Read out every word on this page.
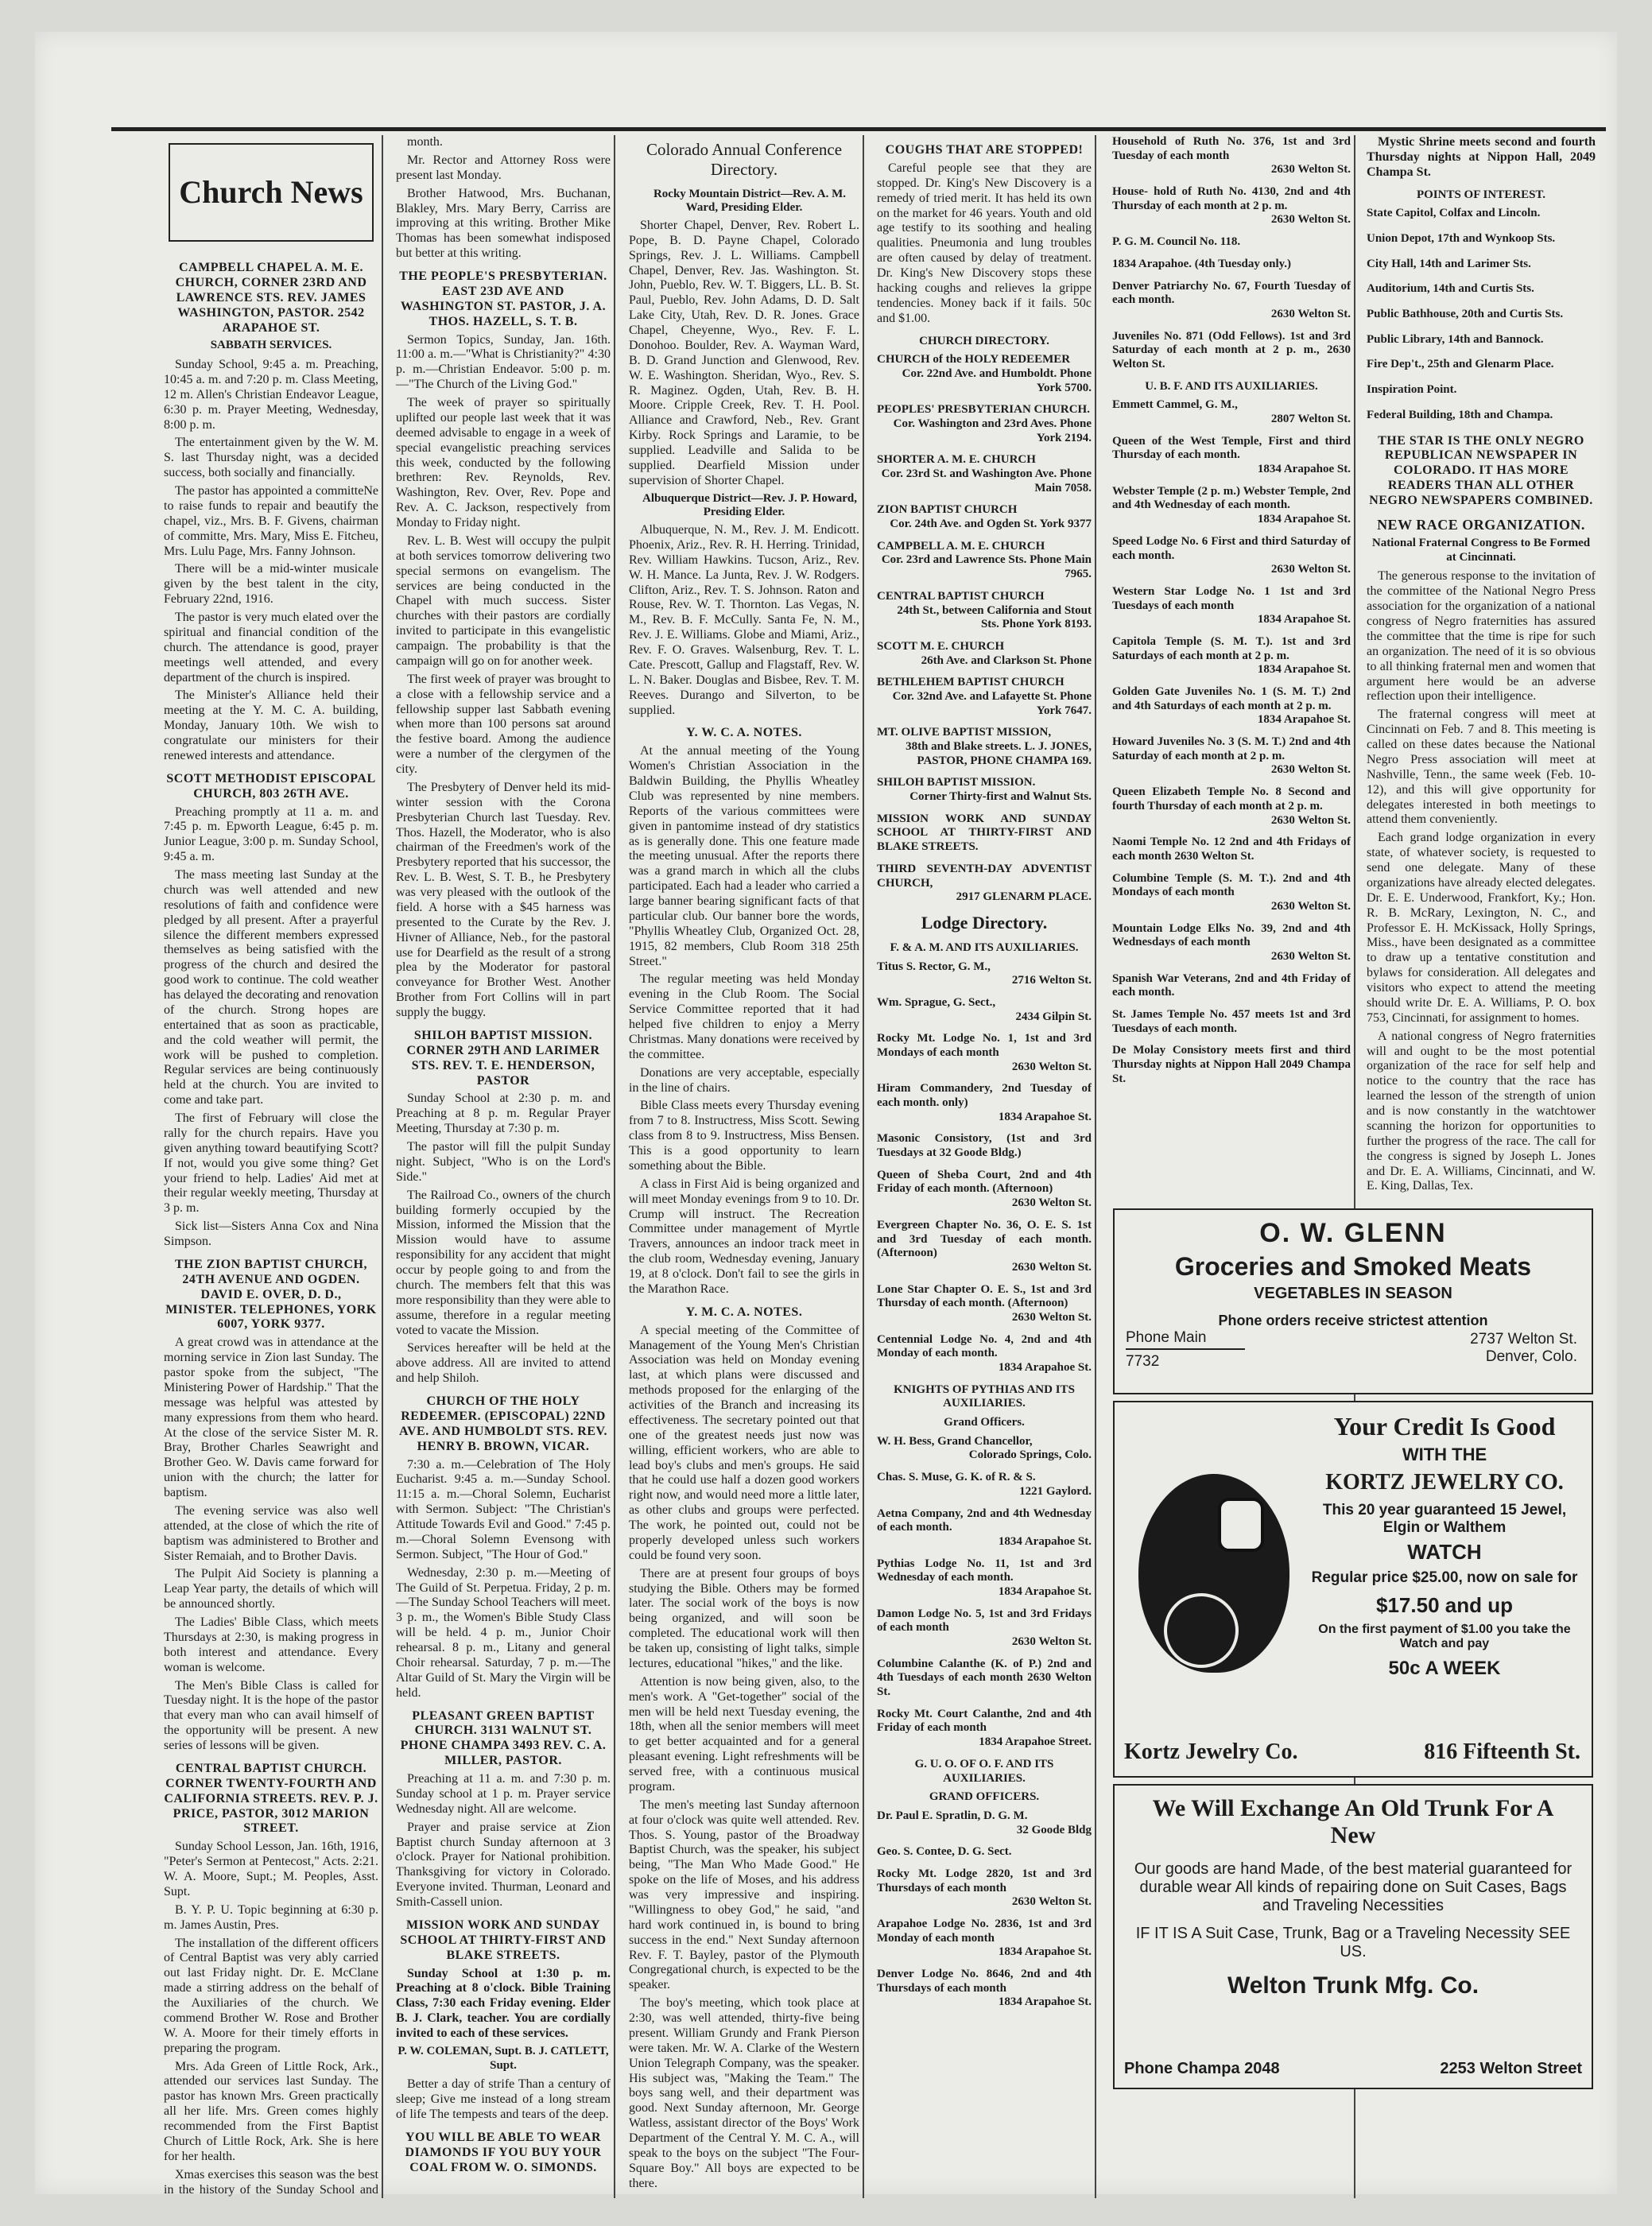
Church News
CAMPBELL CHAPEL A. M. E. CHURCH, CORNER 23RD AND LAWRENCE STS. REV. JAMES WASHINGTON, PASTOR. 2542 ARAPAHOE ST.
SABBATH SERVICES.

Sunday School, 9:45 a. m. Preaching, 10:45 a. m. and 7:20 p. m. Class Meeting, 12 m. Allen's Christian Endeavor League, 6:30 p. m. Prayer Meeting, Wednesday, 8:00 p. m.

The entertainment given by the W. M. S. last Thursday night, was a decided success, both socially and financially.

The pastor has appointed a committeNe to raise funds to repair and beautify the chapel, viz., Mrs. B. F. Givens, chairman of committe, Mrs. Mary, Miss E. Fitcheu, Mrs. Lulu Page, Mrs. Fanny Johnson.

There will be a mid-winter musicale given by the best talent in the city, February 22nd, 1916.

The pastor is very much elated over the spiritual and financial condition of the church. The attendance is good, prayer meetings well attended, and every department of the church is inspired.

The Minister's Alliance held their meeting at the Y. M. C. A. building, Monday, January 10th. We wish to congratulate our ministers for their renewed interests and attendance.

SCOTT METHODIST EPISCOPAL CHURCH, 803 26TH AVE.

Preaching promptly at 11 a. m. and 7:45 p. m. Epworth League, 6:45 p. m. Junior League, 3:00 p. m. Sunday School, 9:45 a. m.

The mass meeting last Sunday at the church was well attended and new resolutions of faith and confidence were pledged by all present. After a prayerful silence the different members expressed themselves as being satisfied with the progress of the church and desired the good work to continue. The cold weather has delayed the decorating and renovation of the church. Strong hopes are entertained that as soon as practicable, and the cold weather will permit, the work will be pushed to completion. Regular services are being continuously held at the church. You are invited to come and take part.

The first of February will close the rally for the church repairs. Have you given anything toward beautifying Scott? If not, would you give some thing? Get your friend to help. Ladies' Aid met at their regular weekly meeting, Thursday at 3 p. m.

Sick list—Sisters Anna Cox and Nina Simpson.

THE ZION BAPTIST CHURCH, 24TH AVENUE AND OGDEN. DAVID E. OVER, D. D., MINISTER. TELEPHONES, YORK 6007, YORK 9377.

A great crowd was in attendance at the morning service in Zion last Sunday. The pastor spoke from the subject, "The Ministering Power of Hardship." That the message was helpful was attested by many expressions from them who heard. At the close of the service Sister M. R. Bray, Brother Charles Seawright and Brother Geo. W. Davis came forward for union with the church; the latter for baptism.

The evening service was also well attended, at the close of which the rite of baptism was administered to Brother and Sister Remaiah, and to Brother Davis.

The Pulpit Aid Society is planning a Leap Year party, the details of which will be announced shortly.

The Ladies' Bible Class, which meets Thursdays at 2:30, is making progress in both interest and attendance. Every woman is welcome.

The Men's Bible Class is called for Tuesday night. It is the hope of the pastor that every man who can avail himself of the opportunity will be present. A new series of lessons will be given.

CENTRAL BAPTIST CHURCH. CORNER TWENTY-FOURTH AND CALIFORNIA STREETS. REV. P. J. PRICE, PASTOR, 3012 MARION STREET.

Sunday School Lesson, Jan. 16th, 1916, "Peter's Sermon at Pentecost," Acts. 2:21. W. A. Moore, Supt.; M. Peoples, Asst. Supt.

B. Y. P. U. Topic beginning at 6:30 p. m. James Austin, Pres.

The installation of the different officers of Central Baptist was very ably carried out last Friday night. Dr. E. McClane made a stirring address on the behalf of the Auxiliaries of the church. We commend Brother W. Rose and Brother W. A. Moore for their timely efforts in preparing the program.

Mrs. Ada Green of Little Rock, Ark., attended our services last Sunday. The pastor has known Mrs. Green practically all her life. Mrs. Green comes highly recommended from the First Baptist Church of Little Rock, Ark. She is here for her health.

Xmas exercises this season was the best in the history of the Sunday School and

month.

Mr. Rector and Attorney Ross were present last Monday.

Brother Hatwood, Mrs. Buchanan, Blakley, Mrs. Mary Berry, Carriss are improving at this writing. Brother Mike Thomas has been somewhat indisposed but better at this writing.

THE PEOPLE'S PRESBYTERIAN. EAST 23D AVE AND WASHINGTON ST. PASTOR, J. A. THOS. HAZELL, S. T. B.

Sermon Topics, Sunday, Jan. 16th. 11:00 a. m.—"What is Christianity?" 4:30 p. m.—Christian Endeavor. 5:00 p. m.—"The Church of the Living God."

The week of prayer so spiritually uplifted our people last week that it was deemed advisable to engage in a week of special evangelistic preaching services this week, conducted by the following brethren: Rev. Reynolds, Rev. Washington, Rev. Over, Rev. Pope and Rev. A. C. Jackson, respectively from Monday to Friday night.

Rev. L. B. West will occupy the pulpit at both services tomorrow delivering two special sermons on evangelism. The services are being conducted in the Chapel with much success. Sister churches with their pastors are cordially invited to participate in this evangelistic campaign. The probability is that the campaign will go on for another week.

The first week of prayer was brought to a close with a fellowship service and a fellowship supper last Sabbath evening when more than 100 persons sat around the festive board. Among the audience were a number of the clergymen of the city.

The Presbytery of Denver held its mid-winter session with the Corona Presbyterian Church last Tuesday. Rev. Thos. Hazell, the Moderator, who is also chairman of the Freedmen's work of the Presbytery reported that his successor, the Rev. L. B. West, S. T. B., he Presbytery was very pleased with the outlook of the field. A horse with a $45 harness was presented to the Curate by the Rev. J. Hivner of Alliance, Neb., for the pastoral use for Dearfield as the result of a strong plea by the Moderator for pastoral conveyance for Brother West. Another Brother from Fort Collins will in part supply the buggy.

SHILOH BAPTIST MISSION. CORNER 29TH AND LARIMER STS. REV. T. E. HENDERSON, PASTOR

Sunday School at 2:30 p. m. and Preaching at 8 p. m. Regular Prayer Meeting, Thursday at 7:30 p. m.

The pastor will fill the pulpit Sunday night. Subject, "Who is on the Lord's Side."

The Railroad Co., owners of the church building formerly occupied by the Mission, informed the Mission that the Mission would have to assume responsibility for any accident that might occur by people going to and from the church. The members felt that this was more responsibility than they were able to assume, therefore in a regular meeting voted to vacate the Mission.

Services hereafter will be held at the above address. All are invited to attend and help Shiloh.

CHURCH OF THE HOLY REDEEMER. (EPISCOPAL) 22ND AVE. AND HUMBOLDT STS. REV. HENRY B. BROWN, VICAR.

7:30 a. m.—Celebration of The Holy Eucharist. 9:45 a. m.—Sunday School. 11:15 a. m.—Choral Solemn, Eucharist with Sermon. Subject: "The Christian's Attitude Towards Evil and Good." 7:45 p. m.—Choral Solemn Evensong with Sermon. Subject, "The Hour of God."

Wednesday, 2:30 p. m.—Meeting of The Guild of St. Perpetua. Friday, 2 p. m.—The Sunday School Teachers will meet. 3 p. m., the Women's Bible Study Class will be held. 4 p. m., Junior Choir rehearsal. 8 p. m., Litany and general Choir rehearsal. Saturday, 7 p. m.—The Altar Guild of St. Mary the Virgin will be held.

PLEASANT GREEN BAPTIST CHURCH. 3131 WALNUT ST. PHONE CHAMPA 3493 REV. C. A. MILLER, PASTOR.

Preaching at 11 a. m. and 7:30 p. m. Sunday school at 1 p. m. Prayer service Wednesday night. All are welcome.

Prayer and praise service at Zion Baptist church Sunday afternoon at 3 o'clock. Prayer for National prohibition. Thanksgiving for victory in Colorado. Everyone invited. Thurman, Leonard and Smith-Cassell union.

MISSION WORK AND SUNDAY SCHOOL AT THIRTY-FIRST AND BLAKE STREETS.

Sunday School at 1:30 p. m. Preaching at 8 o'clock. Bible Training Class, 7:30 each Friday evening. Elder B. J. Clark, teacher. You are cordially invited to each of these services.

P. W. COLEMAN, Supt. B. J. CATLETT, Supt.

Better a day of strife Than a century of sleep; Give me instead of a long stream of life The tempests and tears of the deep.

YOU WILL BE ABLE TO WEAR DIAMONDS IF YOU BUY YOUR COAL FROM W. O. SIMONDS.
Colorado Annual Conference Directory.

Rocky Mountain District—Rev. A. M. Ward, Presiding Elder.

Shorter Chapel, Denver, Rev. Robert L. Pope, B. D. Payne Chapel, Colorado Springs, Rev. J. L. Williams. Campbell Chapel, Denver, Rev. Jas. Washington. St. John, Pueblo, Rev. W. T. Biggers, LL. B. St. Paul, Pueblo, Rev. John Adams, D. D. Salt Lake City, Utah, Rev. D. R. Jones. Grace Chapel, Cheyenne, Wyo., Rev. F. L. Donohoo. Boulder, Rev. A. Wayman Ward, B. D. Grand Junction and Glenwood, Rev. W. E. Washington. Sheridan, Wyo., Rev. S. R. Maginez. Ogden, Utah, Rev. B. H. Moore. Cripple Creek, Rev. T. H. Pool. Alliance and Crawford, Neb., Rev. Grant Kirby. Rock Springs and Laramie, to be supplied. Leadville and Salida to be supplied. Dearfield Mission under supervision of Shorter Chapel.

Albuquerque District—Rev. J. P. Howard, Presiding Elder.

Albuquerque, N. M., Rev. J. M. Endicott. Phoenix, Ariz., Rev. R. H. Herring. Trinidad, Rev. William Hawkins. Tucson, Ariz., Rev. W. H. Mance. La Junta, Rev. J. W. Rodgers. Clifton, Ariz., Rev. T. S. Johnson. Raton and Rouse, Rev. W. T. Thornton. Las Vegas, N. M., Rev. B. F. McCully. Santa Fe, N. M., Rev. J. E. Williams. Globe and Miami, Ariz., Rev. F. O. Graves. Walsenburg, Rev. T. L. Cate. Prescott, Gallup and Flagstaff, Rev. W. L. N. Baker. Douglas and Bisbee, Rev. T. M. Reeves. Durango and Silverton, to be supplied.

Y. W. C. A. NOTES.

At the annual meeting of the Young Women's Christian Association in the Baldwin Building, the Phyllis Wheatley Club was represented by nine members. Reports of the various committees were given in pantomime instead of dry statistics as is generally done. This one feature made the meeting unusual. After the reports there was a grand march in which all the clubs participated. Each had a leader who carried a large banner bearing significant facts of that particular club. Our banner bore the words, "Phyllis Wheatley Club, Organized Oct. 28, 1915, 82 members, Club Room 318 25th Street."

The regular meeting was held Monday evening in the Club Room. The Social Service Committee reported that it had helped five children to enjoy a Merry Christmas. Many donations were received by the committee.

Donations are very acceptable, especially in the line of chairs.

Bible Class meets every Thursday evening from 7 to 8. Instructress, Miss Scott. Sewing class from 8 to 9. Instructress, Miss Bensen. This is a good opportunity to learn something about the Bible.

A class in First Aid is being organized and will meet Monday evenings from 9 to 10. Dr. Crump will instruct. The Recreation Committee under management of Myrtle Travers, announces an indoor track meet in the club room, Wednesday evening, January 19, at 8 o'clock. Don't fail to see the girls in the Marathon Race.

Y. M. C. A. NOTES.

A special meeting of the Committee of Management of the Young Men's Christian Association was held on Monday evening last, at which plans were discussed and methods proposed for the enlarging of the activities of the Branch and increasing its effectiveness. The secretary pointed out that one of the greatest needs just now was willing, efficient workers, who are able to lead boy's clubs and men's groups. He said that he could use half a dozen good workers right now, and would need more a little later, as other clubs and groups were perfected. The work, he pointed out, could not be properly developed unless such workers could be found very soon.

There are at present four groups of boys studying the Bible. Others may be formed later. The social work of the boys is now being organized, and will soon be completed. The educational work will then be taken up, consisting of light talks, simple lectures, educational "hikes," and the like.

Attention is now being given, also, to the men's work. A "Get-together" social of the men will be held next Tuesday evening, the 18th, when all the senior members will meet to get better acquainted and for a general pleasant evening. Light refreshments will be served free, with a continuous musical program.

The men's meeting last Sunday afternoon at four o'clock was quite well attended. Rev. Thos. S. Young, pastor of the Broadway Baptist Church, was the speaker, his subject being, "The Man Who Made Good." He spoke on the life of Moses, and his address was very impressive and inspiring. "Willingness to obey God," he said, "and hard work continued in, is bound to bring success in the end." Next Sunday afternoon Rev. F. T. Bayley, pastor of the Plymouth Congregational church, is expected to be the speaker.

The boy's meeting, which took place at 2:30, was well attended, thirty-five being present. William Grundy and Frank Pierson were taken. Mr. W. A. Clarke of the Western Union Telegraph Company, was the speaker. His subject was, "Making the Team." The boys sang well, and their department was good. Next Sunday afternoon, Mr. George Watless, assistant director of the Boys' Work Department of the Central Y. M. C. A., will speak to the boys on the subject "The Four-Square Boy." All boys are expected to be there.

COUGHS THAT ARE STOPPED!

Careful people see that they are stopped. Dr. King's New Discovery is a remedy of tried merit. It has held its own on the market for 46 years. Youth and old age testify to its soothing and healing qualities. Pneumonia and lung troubles are often caused by delay of treatment. Dr. King's New Discovery stops these hacking coughs and relieves la grippe tendencies. Money back if it fails. 50c and $1.00.

CHURCH DIRECTORY.
CHURCH of the HOLY REDEEMER
Cor. 22nd Ave. and Humboldt. Phone York 5700.
PEOPLES' PRESBYTERIAN CHURCH.
Cor. Washington and 23rd Aves. Phone York 2194.
SHORTER A. M. E. CHURCH
Cor. 23rd St. and Washington Ave. Phone Main 7058.
ZION BAPTIST CHURCH
Cor. 24th Ave. and Ogden St. York 9377
CAMPBELL A. M. E. CHURCH
Cor. 23rd and Lawrence Sts. Phone Main 7965.
CENTRAL BAPTIST CHURCH
24th St., between California and Stout Sts. Phone York 8193.
SCOTT M. E. CHURCH
26th Ave. and Clarkson St. Phone
BETHLEHEM BAPTIST CHURCH
Cor. 32nd Ave. and Lafayette St. Phone York 7647.
MT. OLIVE BAPTIST MISSION,
38th and Blake streets. L. J. JONES, PASTOR, PHONE CHAMPA 169.
SHILOH BAPTIST MISSION.
Corner Thirty-first and Walnut Sts.
MISSION WORK AND SUNDAY SCHOOL AT THIRTY-FIRST AND BLAKE STREETS.
THIRD SEVENTH-DAY ADVENTIST CHURCH,
2917 GLENARM PLACE.
Lodge Directory.
F. & A. M. AND ITS AUXILIARIES.
Titus S. Rector, G. M.,
2716 Welton St.
Wm. Sprague, G. Sect.,
2434 Gilpin St.
Rocky Mt. Lodge No. 1, 1st and 3rd Mondays of each month
2630 Welton St.
Hiram Commandery, 2nd Tuesday of each month. only)
1834 Arapahoe St.
Masonic Consistory, (1st and 3rd Tuesdays at 32 Goode Bldg.)
Queen of Sheba Court, 2nd and 4th Friday of each month. (Afternoon)
2630 Welton St.
Evergreen Chapter No. 36, O. E. S. 1st and 3rd Tuesday of each month. (Afternoon)
2630 Welton St.
Lone Star Chapter O. E. S., 1st and 3rd Thursday of each month. (Afternoon)
2630 Welton St.
Centennial Lodge No. 4, 2nd and 4th Monday of each month.
1834 Arapahoe St.
KNIGHTS OF PYTHIAS AND ITS AUXILIARIES.
Grand Officers.
W. H. Bess, Grand Chancellor,
Colorado Springs, Colo.
Chas. S. Muse, G. K. of R. & S.
1221 Gaylord.
Aetna Company, 2nd and 4th Wednesday of each month.
1834 Arapahoe St.
Pythias Lodge No. 11, 1st and 3rd Wednesday of each month.
1834 Arapahoe St.
Damon Lodge No. 5, 1st and 3rd Fridays of each month
2630 Welton St.
Columbine Calanthe (K. of P.) 2nd and 4th Tuesdays of each month 2630 Welton St.
Rocky Mt. Court Calanthe, 2nd and 4th Friday of each month
1834 Arapahoe Street.
G. U. O. OF O. F. AND ITS AUXILIARIES.
GRAND OFFICERS.
Dr. Paul E. Spratlin, D. G. M.
32 Goode Bldg
Geo. S. Contee, D. G. Sect.
Rocky Mt. Lodge 2820, 1st and 3rd Thursdays of each month
2630 Welton St.
Arapahoe Lodge No. 2836, 1st and 3rd Monday of each month
1834 Arapahoe St.
Denver Lodge No. 8646, 2nd and 4th Thursdays of each month
1834 Arapahoe St.
Household of Ruth No. 376, 1st and 3rd Tuesday of each month
2630 Welton St.
House- hold of Ruth No. 4130, 2nd and 4th Thursday of each month at 2 p. m.
2630 Welton St.
P. G. M. Council No. 118.
1834 Arapahoe. (4th Tuesday only.)
Denver Patriarchy No. 67, Fourth Tuesday of each month.
2630 Welton St.
Juveniles No. 871 (Odd Fellows). 1st and 3rd Saturday of each month at 2 p. m., 2630 Welton St.
U. B. F. AND ITS AUXILIARIES.
Emmett Cammel, G. M.,
2807 Welton St.
Queen of the West Temple, First and third Thursday of each month.
1834 Arapahoe St.
Webster Temple (2 p. m.) Webster Temple, 2nd and 4th Wednesday of each month.
1834 Arapahoe St.
Speed Lodge No. 6 First and third Saturday of each month.
2630 Welton St.
Western Star Lodge No. 1 1st and 3rd Tuesdays of each month
1834 Arapahoe St.
Capitola Temple (S. M. T.). 1st and 3rd Saturdays of each month at 2 p. m.
1834 Arapahoe St.
Golden Gate Juveniles No. 1 (S. M. T.) 2nd and 4th Saturdays of each month at 2 p. m.
1834 Arapahoe St.
Howard Juveniles No. 3 (S. M. T.) 2nd and 4th Saturday of each month at 2 p. m.
2630 Welton St.
Queen Elizabeth Temple No. 8 Second and fourth Thursday of each month at 2 p. m.
2630 Welton St.
Naomi Temple No. 12 2nd and 4th Fridays of each month 2630 Welton St.
Columbine Temple (S. M. T.). 2nd and 4th Mondays of each month
2630 Welton St.
Mountain Lodge Elks No. 39, 2nd and 4th Wednesdays of each month
2630 Welton St.
Spanish War Veterans, 2nd and 4th Friday of each month.
St. James Temple No. 457 meets 1st and 3rd Tuesdays of each month.
De Molay Consistory meets first and third Thursday nights at Nippon Hall 2049 Champa St.

Mystic Shrine meets second and fourth Thursday nights at Nippon Hall, 2049 Champa St.

POINTS OF INTEREST.
State Capitol, Colfax and Lincoln.
Union Depot, 17th and Wynkoop Sts.
City Hall, 14th and Larimer Sts.
Auditorium, 14th and Curtis Sts.
Public Bathhouse, 20th and Curtis Sts.
Public Library, 14th and Bannock.
Fire Dep't., 25th and Glenarm Place.
Inspiration Point.
Federal Building, 18th and Champa.
THE STAR IS THE ONLY NEGRO REPUBLICAN NEWSPAPER IN COLORADO. IT HAS MORE READERS THAN ALL OTHER NEGRO NEWSPAPERS COMBINED.
NEW RACE ORGANIZATION.
National Fraternal Congress to Be Formed at Cincinnati.

The generous response to the invitation of the committee of the National Negro Press association for the organization of a national congress of Negro fraternities has assured the committee that the time is ripe for such an organization. The need of it is so obvious to all thinking fraternal men and women that argument here would be an adverse reflection upon their intelligence.

The fraternal congress will meet at Cincinnati on Feb. 7 and 8. This meeting is called on these dates because the National Negro Press association will meet at Nashville, Tenn., the same week (Feb. 10-12), and this will give opportunity for delegates interested in both meetings to attend them conveniently.

Each grand lodge organization in every state, of whatever society, is requested to send one delegate. Many of these organizations have already elected delegates. Dr. E. E. Underwood, Frankfort, Ky.; Hon. R. B. McRary, Lexington, N. C., and Professor E. H. McKissack, Holly Springs, Miss., have been designated as a committee to draw up a tentative constitution and bylaws for consideration. All delegates and visitors who expect to attend the meeting should write Dr. E. A. Williams, P. O. box 753, Cincinnati, for assignment to homes.

A national congress of Negro fraternities will and ought to be the most potential organization of the race for self help and notice to the country that the race has learned the lesson of the strength of union and is now constantly in the watchtower scanning the horizon for opportunities to further the progress of the race. The call for the congress is signed by Joseph L. Jones and Dr. E. A. Williams, Cincinnati, and W. E. King, Dallas, Tex.

O. W. GLENN
Groceries and Smoked Meats
VEGETABLES IN SEASON
Phone orders receive strictest attention
Phone Main
7732
2737 Welton St.
Denver, Colo.
Your Credit Is Good
WITH THE
KORTZ JEWELRY CO.
This 20 year guaranteed 15 Jewel, Elgin or Walthem
WATCH
Regular price $25.00, now on sale for
$17.50 and up
On the first payment of $1.00 you take the Watch and pay
50c A WEEK
Kortz Jewelry Co.	816 Fifteenth St.
We Will Exchange An Old Trunk For A New
Our goods are hand Made, of the best material guaranteed for durable wear All kinds of repairing done on Suit Cases, Bags and Traveling Necessities
IF IT IS A Suit Case, Trunk, Bag or a Traveling Necessity SEE US.
Welton Trunk Mfg. Co.
Phone Champa 2048	2253 Welton Street
